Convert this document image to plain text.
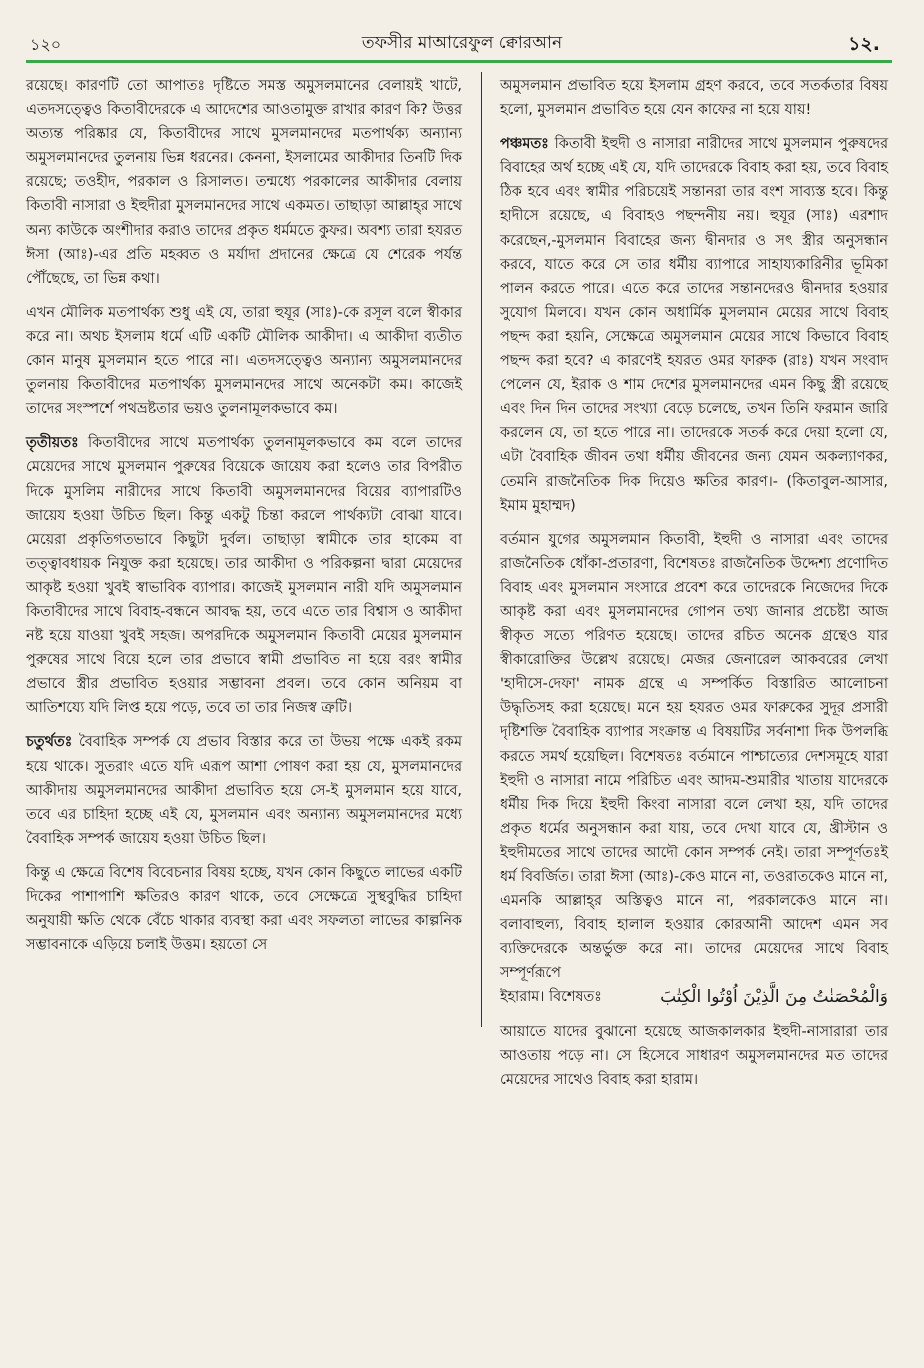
১২০	তফসীর মাআরেফুল ক্বোরআন	১২.

রয়েছে। কারণটি তো আপাতঃ দৃষ্টিতে সমস্ত অমুসলমানের বেলায়ই খাটে, এতদসত্ত্বেও কিতাবীদেরকে এ আদেশের আওতামুক্ত রাখার কারণ কি? উত্তর অত্যন্ত পরিষ্কার যে, কিতাবীদের সাথে মুসলমানদের মতপার্থক্য অন্যান্য অমুসলমানদের তুলনায় ভিন্ন ধরনের। কেননা, ইসলামের আকীদার তিনটি দিক রয়েছে; তওহীদ, পরকাল ও রিসালত। তন্মধ্যে পরকালের আকীদার বেলায় কিতাবী নাসারা ও ইহুদীরা মুসলমানদের সাথে একমত। তাছাড়া আল্লাহ্‌র সাথে অন্য কাউকে অংশীদার করাও তাদের প্রকৃত ধর্মমতে কুফর। অবশ্য তারা হযরত ঈসা (আঃ)-এর প্রতি মহব্বত ও মর্যাদা প্রদানের ক্ষেত্রে যে শেরেক পর্যন্ত পৌঁছেছে, তা ভিন্ন কথা।

এখন মৌলিক মতপার্থক্য শুধু এই যে, তারা হুযূর (সাঃ)-কে রসূল বলে স্বীকার করে না। অথচ ইসলাম ধর্মে এটি একটি মৌলিক আকীদা। এ আকীদা ব্যতীত কোন মানুষ মুসলমান হতে পারে না। এতদসত্ত্বেও অন্যান্য অমুসলমানদের তুলনায় কিতাবীদের মতপার্থক্য মুসলমানদের সাথে অনেকটা কম। কাজেই তাদের সংস্পর্শে পথভ্রষ্টতার ভয়ও তুলনামূলকভাবে কম।

তৃতীয়তঃ কিতাবীদের সাথে মতপার্থক্য তুলনামূলকভাবে কম বলে তাদের মেয়েদের সাথে মুসলমান পুরুষের বিয়েকে জায়েয করা হলেও তার বিপরীত দিকে মুসলিম নারীদের সাথে কিতাবী অমুসলমানদের বিয়ের ব্যাপারটিও জায়েয হওয়া উচিত ছিল। কিন্তু একটু চিন্তা করলে পার্থক্যটা বোঝা যাবে। মেয়েরা প্রকৃতিগতভাবে কিছুটা দুর্বল। তাছাড়া স্বামীকে তার হাকেম বা তত্ত্বাবধায়ক নিযুক্ত করা হয়েছে। তার আকীদা ও পরিকল্পনা দ্বারা মেয়েদের আকৃষ্ট হওয়া খুবই স্বাভাবিক ব্যাপার। কাজেই মুসলমান নারী যদি অমুসলমান কিতাবীদের সাথে বিবাহ-বন্ধনে আবদ্ধ হয়, তবে এতে তার বিশ্বাস ও আকীদা নষ্ট হয়ে যাওয়া খুবই সহজ। অপরদিকে অমুসলমান কিতাবী মেয়ের মুসলমান পুরুষের সাথে বিয়ে হলে তার প্রভাবে স্বামী প্রভাবিত না হয়ে বরং স্বামীর প্রভাবে স্ত্রীর প্রভাবিত হওয়ার সম্ভাবনা প্রবল। তবে কোন অনিয়ম বা আতিশয্যে যদি লিপ্ত হয়ে পড়ে, তবে তা তার নিজস্ব ত্রুটি।

চতুর্থতঃ বৈবাহিক সম্পর্ক যে প্রভাব বিস্তার করে তা উভয় পক্ষে একই রকম হয়ে থাকে। সুতরাং এতে যদি এরূপ আশা পোষণ করা হয় যে, মুসলমানদের আকীদায় অমুসলমানদের আকীদা প্রভাবিত হয়ে সে-ই মুসলমান হয়ে যাবে, তবে এর চাহিদা হচ্ছে এই যে, মুসলমান এবং অন্যান্য অমুসলমানদের মধ্যে বৈবাহিক সম্পর্ক জায়েয হওয়া উচিত ছিল।

কিন্তু এ ক্ষেত্রে বিশেষ বিবেচনার বিষয় হচ্ছে, যখন কোন কিছুতে লাভের একটি দিকের পাশাপাশি ক্ষতিরও কারণ থাকে, তবে সেক্ষেত্রে সুস্থবুদ্ধির চাহিদা অনুযায়ী ক্ষতি থেকে বেঁচে থাকার ব্যবস্থা করা এবং সফলতা লাভের কাল্পনিক সম্ভাবনাকে এড়িয়ে চলাই উত্তম। হয়তো সে

অমুসলমান প্রভাবিত হয়ে ইসলাম গ্রহণ করবে, তবে সতর্কতার বিষয় হলো, মুসলমান প্রভাবিত হয়ে যেন কাফের না হয়ে যায়!

পঞ্চমতঃ কিতাবী ইহুদী ও নাসারা নারীদের সাথে মুসলমান পুরুষদের বিবাহের অর্থ হচ্ছে এই যে, যদি তাদেরকে বিবাহ করা হয়, তবে বিবাহ ঠিক হবে এবং স্বামীর পরিচয়েই সন্তানরা তার বংশ সাব্যস্ত হবে। কিন্তু হাদীসে রয়েছে, এ বিবাহও পছন্দনীয় নয়। হুযূর (সাঃ) এরশাদ করেছেন,-মুসলমান বিবাহের জন্য দ্বীনদার ও সৎ স্ত্রীর অনুসন্ধান করবে, যাতে করে সে তার ধর্মীয় ব্যাপারে সাহায্যকারিনীর ভূমিকা পালন করতে পারে। এতে করে তাদের সন্তানদেরও দ্বীনদার হওয়ার সুযোগ মিলবে। যখন কোন অধার্মিক মুসলমান মেয়ের সাথে বিবাহ পছন্দ করা হয়নি, সেক্ষেত্রে অমুসলমান মেয়ের সাথে কিভাবে বিবাহ পছন্দ করা হবে? এ কারণেই হযরত ওমর ফারুক (রাঃ) যখন সংবাদ পেলেন যে, ইরাক ও শাম দেশের মুসলমানদের এমন কিছু স্ত্রী রয়েছে এবং দিন দিন তাদের সংখ্যা বেড়ে চলেছে, তখন তিনি ফরমান জারি করলেন যে, তা হতে পারে না। তাদেরকে সতর্ক করে দেয়া হলো যে, এটা বৈবাহিক জীবন তথা ধর্মীয় জীবনের জন্য যেমন অকল্যাণকর, তেমনি রাজনৈতিক দিক দিয়েও ক্ষতির কারণ।- (কিতাবুল-আসার, ইমাম মুহাম্মদ)

বর্তমান যুগের অমুসলমান কিতাবী, ইহুদী ও নাসারা এবং তাদের রাজনৈতিক ধোঁকা-প্রতারণা, বিশেষতঃ রাজনৈতিক উদ্দেশ্য প্রণোদিত বিবাহ এবং মুসলমান সংসারে প্রবেশ করে তাদেরকে নিজেদের দিকে আকৃষ্ট করা এবং মুসলমানদের গোপন তথ্য জানার প্রচেষ্টা আজ স্বীকৃত সত্যে পরিণত হয়েছে। তাদের রচিত অনেক গ্রন্থেও যার স্বীকারোক্তির উল্লেখ রয়েছে। মেজর জেনারেল আকবরের লেখা 'হাদীসে-দেফা' নামক গ্রন্থে এ সম্পর্কিত বিস্তারিত আলোচনা উদ্ধৃতিসহ করা হয়েছে। মনে হয় হযরত ওমর ফারুকের সুদূর প্রসারী দৃষ্টিশক্তি বৈবাহিক ব্যাপার সংক্রান্ত এ বিষয়টির সর্বনাশা দিক উপলব্ধি করতে সমর্থ হয়েছিল। বিশেষতঃ বর্তমানে পাশ্চাত্যের দেশসমূহে যারা ইহুদী ও নাসারা নামে পরিচিত এবং আদম-শুমারীর খাতায় যাদেরকে ধর্মীয় দিক দিয়ে ইহুদী কিংবা নাসারা বলে লেখা হয়, যদি তাদের প্রকৃত ধর্মের অনুসন্ধান করা যায়, তবে দেখা যাবে যে, খ্রীস্টান ও ইহুদীমতের সাথে তাদের আদৌ কোন সম্পর্ক নেই। তারা সম্পূর্ণতঃই ধর্ম বিবর্জিত। তারা ঈসা (আঃ)-কেও মানে না, তওরাতকেও মানে না, এমনকি আল্লাহ্‌র অস্তিত্বও মানে না, পরকালকেও মানে না। বলাবাহুল্য, বিবাহ হালাল হওয়ার কোরআনী আদেশ এমন সব ব্যক্তিদেরকে অন্তর্ভুক্ত করে না। তাদের মেয়েদের সাথে বিবাহ সম্পূর্ণরূপে

ইহারাম। বিশেষতঃ	وَالْمُحْصَنٰتُ مِنَ الَّذِيْنَ اُوْتُوا الْكِتٰبَ

আয়াতে যাদের বুঝানো হয়েছে আজকালকার ইহুদী-নাসারারা তার আওতায় পড়ে না। সে হিসেবে সাধারণ অমুসলমানদের মত তাদের মেয়েদের সাথেও বিবাহ করা হারাম।
